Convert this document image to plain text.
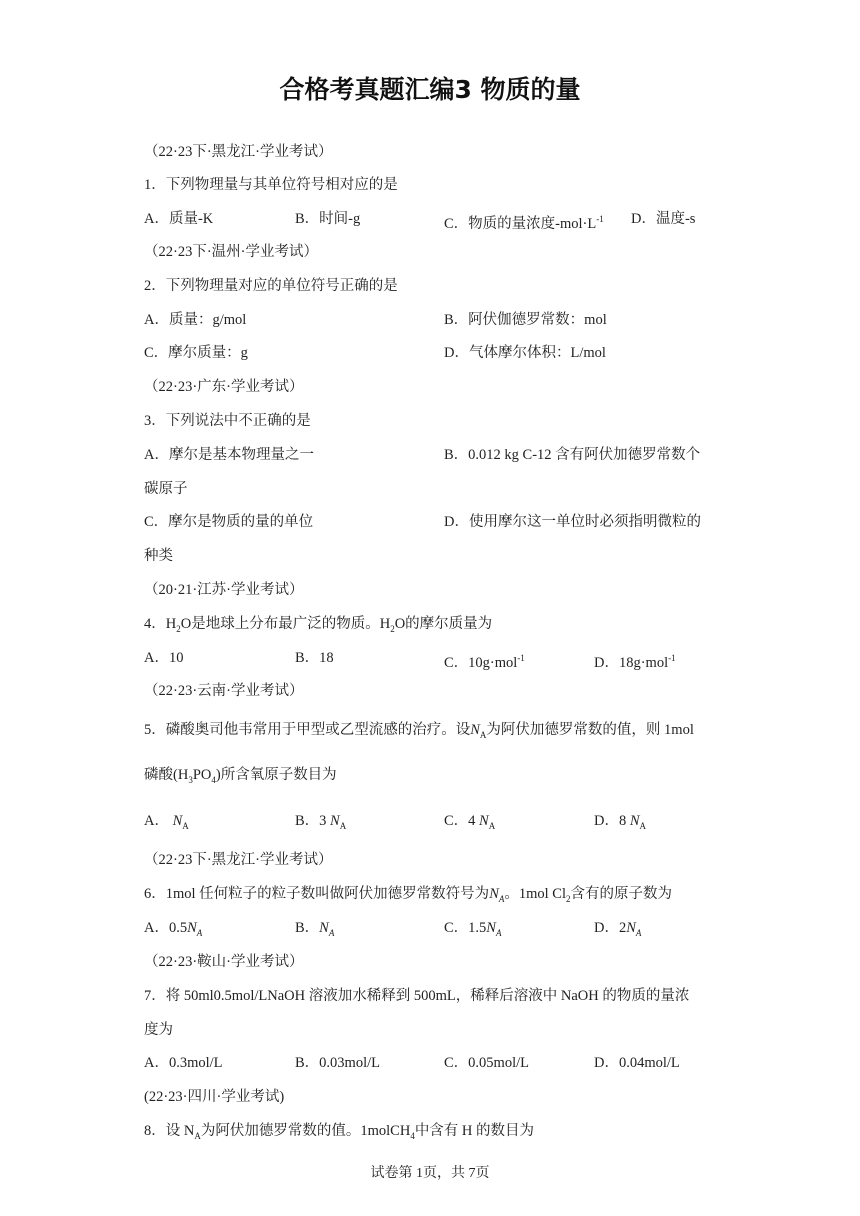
合格考真题汇编3 物质的量
（22·23下·黑龙江·学业考试）
1．下列物理量与其单位符号相对应的是
A．质量-K	B．时间-g	C．物质的量浓度$-mol\cdot L^{-1}$ D．温度-s
（22·23下·温州·学业考试）
2．下列物理量对应的单位符号正确的是
A．质量：g/mol	B．阿伏伽德罗常数：mol
C．摩尔质量：g	D．气体摩尔体积：L/mol
（22·23·广东·学业考试）
3．下列说法中不正确的是
A．摩尔是基本物理量之一	B．0.012 kg C-12 含有阿伏加德罗常数个
碳原子
C．摩尔是物质的量的单位	D．使用摩尔这一单位时必须指明微粒的
种类
（20·21·江苏·学业考试）
4．$H_2O$是地球上分布最广泛的物质。$H_2O$的摩尔质量为
A．10	B．18	C．10g·mol$^{-1}$	D．18g·mol$^{-1}$
（22·23·云南·学业考试）
5．磷酸奥司他韦常用于甲型或乙型流感的治疗。设$N_A$为阿伏加德罗常数的值，则 1mol
磷酸$(H_3PO_4)$所含氧原子数目为
A． $N_A$	B．3 $N_A$	C．4 $N_A$	D．8 $N_A$
（22·23下·黑龙江·学业考试）
6．1mol 任何粒子的粒子数叫做阿伏加德罗常数符号为$N_A$。1mol $Cl_2$含有的原子数为
A．$0.5N_A$	B．$N_A$	C．$1.5N_A$	D．$2N_A$
（22·23·鞍山·学业考试）
7．将 50ml0.5mol/LNaOH 溶液加水稀释到 500mL，稀释后溶液中 NaOH 的物质的量浓
度为
A．0.3mol/L	B．0.03mol/L	C．0.05mol/L	D．0.04mol/L
(22·23·四川·学业考试)
8．设 $N_A$为阿伏加德罗常数的值。1molCH$_4$中含有 H 的数目为
试卷第 1页，共 7页
